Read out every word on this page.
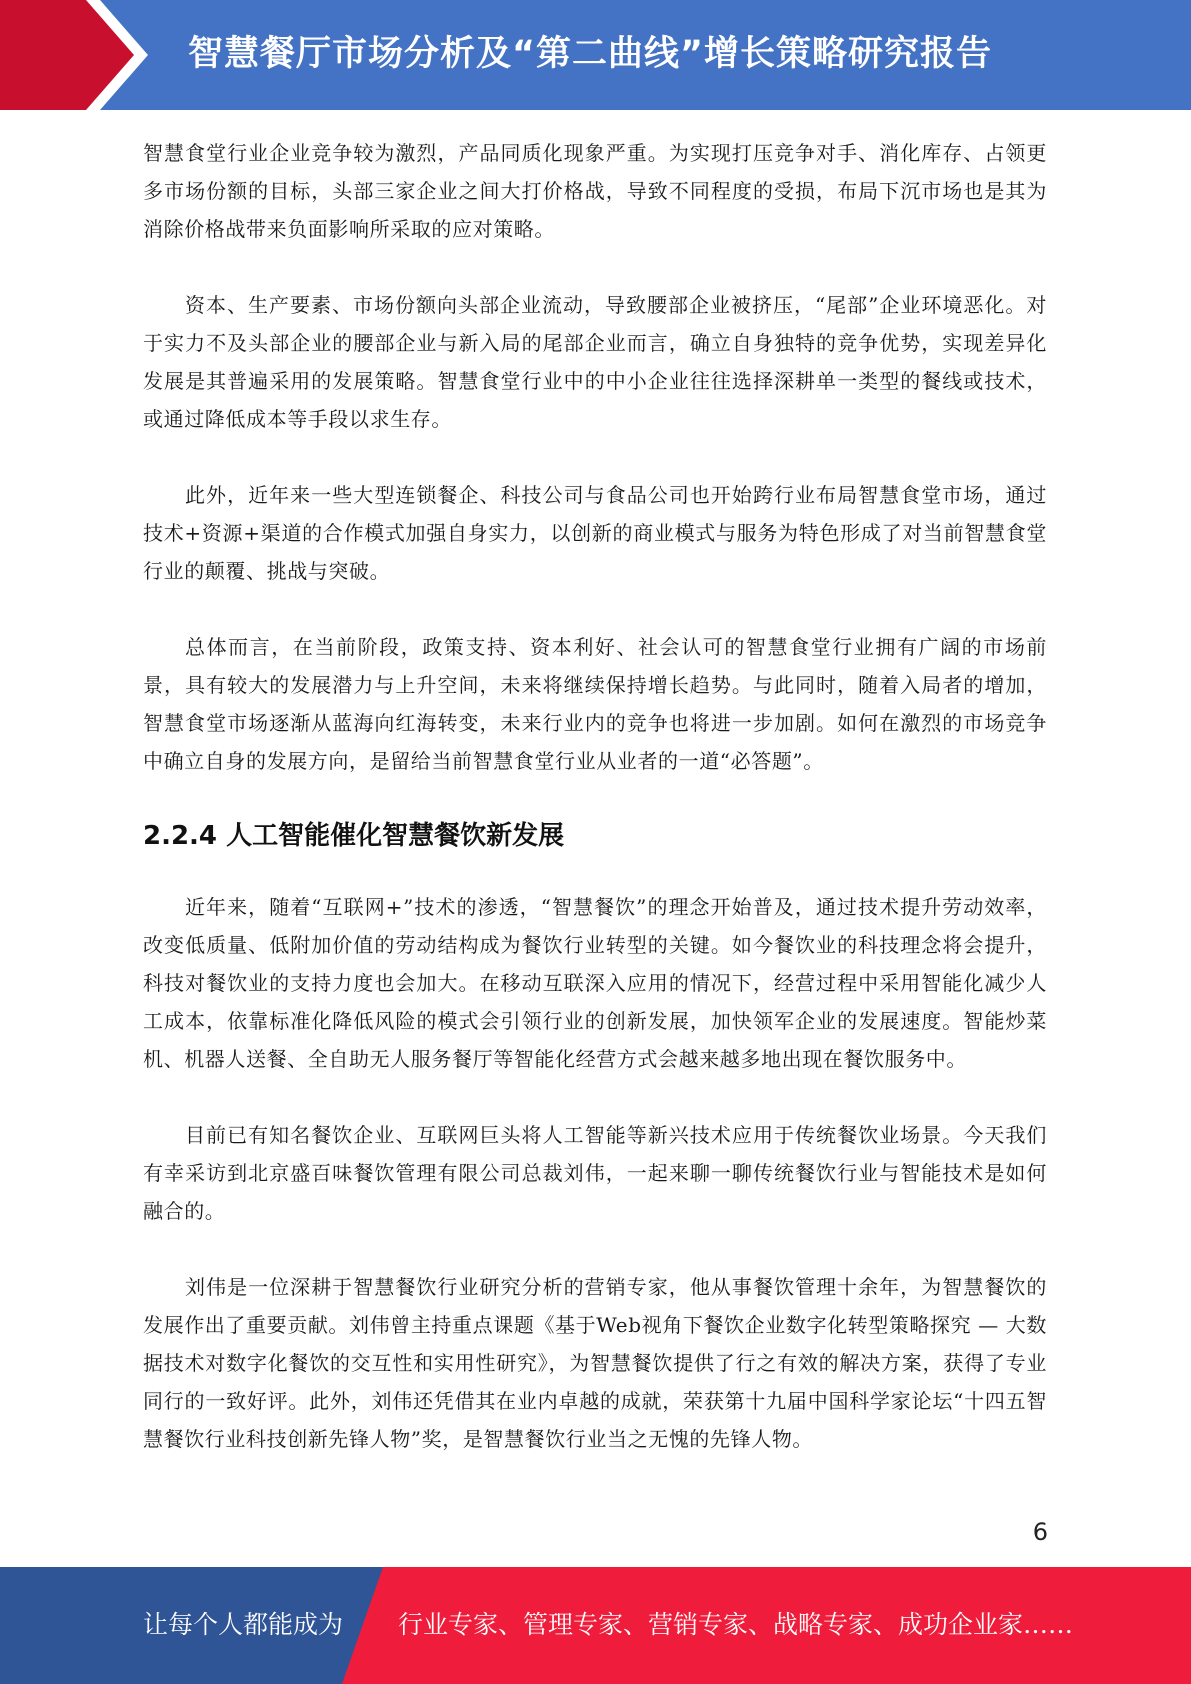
智慧餐厅市场分析及“第二曲线”增长策略研究报告

智慧食堂行业企业竞争较为激烈，产品同质化现象严重。为实现打压竞争对手、消化库存、占领更多市场份额的目标，头部三家企业之间大打价格战，导致不同程度的受损，布局下沉市场也是其为消除价格战带来负面影响所采取的应对策略。

资本、生产要素、市场份额向头部企业流动，导致腰部企业被挤压，“尾部”企业环境恶化。对于实力不及头部企业的腰部企业与新入局的尾部企业而言，确立自身独特的竞争优势，实现差异化发展是其普遍采用的发展策略。智慧食堂行业中的中小企业往往选择深耕单一类型的餐线或技术，或通过降低成本等手段以求生存。

此外，近年来一些大型连锁餐企、科技公司与食品公司也开始跨行业布局智慧食堂市场，通过技术+资源+渠道的合作模式加强自身实力，以创新的商业模式与服务为特色形成了对当前智慧食堂行业的颠覆、挑战与突破。

总体而言，在当前阶段，政策支持、资本利好、社会认可的智慧食堂行业拥有广阔的市场前景，具有较大的发展潜力与上升空间，未来将继续保持增长趋势。与此同时，随着入局者的增加，智慧食堂市场逐渐从蓝海向红海转变，未来行业内的竞争也将进一步加剧。如何在激烈的市场竞争中确立自身的发展方向，是留给当前智慧食堂行业从业者的一道“必答题”。

2.2.4 人工智能催化智慧餐饮新发展

近年来，随着“互联网+”技术的渗透，“智慧餐饮”的理念开始普及，通过技术提升劳动效率，改变低质量、低附加价值的劳动结构成为餐饮行业转型的关键。如今餐饮业的科技理念将会提升，科技对餐饮业的支持力度也会加大。在移动互联深入应用的情况下，经营过程中采用智能化减少人工成本，依靠标准化降低风险的模式会引领行业的创新发展，加快领军企业的发展速度。智能炒菜机、机器人送餐、全自助无人服务餐厅等智能化经营方式会越来越多地出现在餐饮服务中。

目前已有知名餐饮企业、互联网巨头将人工智能等新兴技术应用于传统餐饮业场景。今天我们有幸采访到北京盛百味餐饮管理有限公司总裁刘伟，一起来聊一聊传统餐饮行业与智能技术是如何融合的。

刘伟是一位深耕于智慧餐饮行业研究分析的营销专家，他从事餐饮管理十余年，为智慧餐饮的发展作出了重要贡献。刘伟曾主持重点课题《基于Web视角下餐饮企业数字化转型策略探究 — 大数据技术对数字化餐饮的交互性和实用性研究》，为智慧餐饮提供了行之有效的解决方案，获得了专业同行的一致好评。此外，刘伟还凭借其在业内卓越的成就，荣获第十九届中国科学家论坛“十四五智慧餐饮行业科技创新先锋人物”奖，是智慧餐饮行业当之无愧的先锋人物。

6
让每个人都能成为 行业专家、管理专家、营销专家、战略专家、成功企业家……
